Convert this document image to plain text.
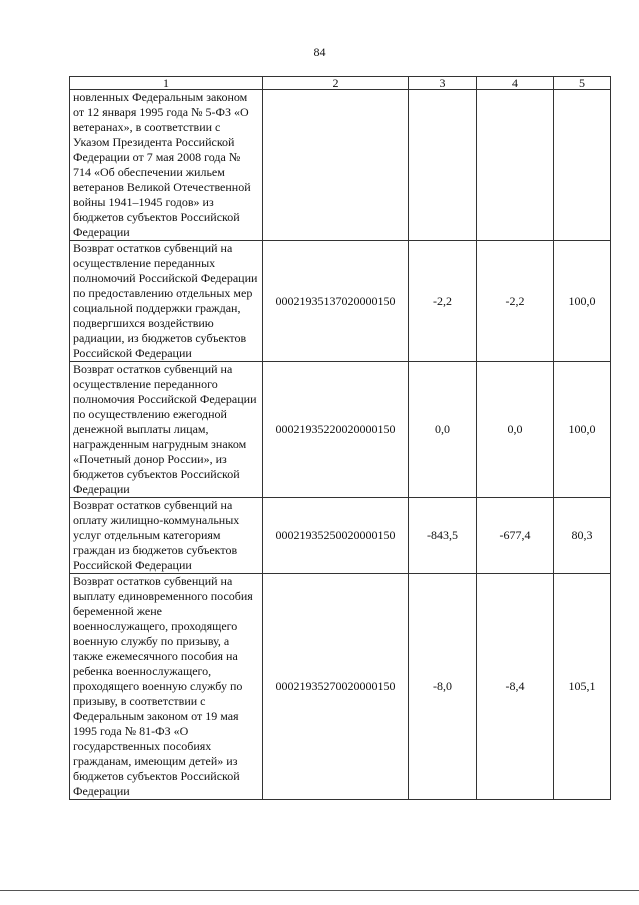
84
1	2	3	4	5
новленных Федеральным законом от 12 января 1995 года № 5-ФЗ «О ветеранах», в соответствии с Указом Президента Российской Федерации от 7 мая 2008 года № 714 «Об обеспечении жильем ветеранов Великой Отечественной войны 1941–1945 годов» из бюджетов субъектов Российской Федерации				
Возврат остатков субвенций на осуществление переданных полномочий Российской Федерации по предоставлению отдельных мер социальной поддержки граждан, подвергшихся воздействию радиации, из бюджетов субъектов Российской Федерации	00021935137020000150	-2,2	-2,2	100,0
Возврат остатков субвенций на осуществление переданного полномочия Российской Федерации по осуществлению ежегодной денежной выплаты лицам, награжденным нагрудным знаком «Почетный донор России», из бюджетов субъектов Российской Федерации	00021935220020000150	0,0	0,0	100,0
Возврат остатков субвенций на оплату жилищно-коммунальных услуг отдельным категориям граждан из бюджетов субъектов Российской Федерации	00021935250020000150	-843,5	-677,4	80,3
Возврат остатков субвенций на выплату единовременного пособия беременной жене военнослужащего, проходящего военную службу по призыву, а также ежемесячного пособия на ребенка военнослужащего, проходящего военную службу по призыву, в соответствии с Федеральным законом от 19 мая 1995 года № 81-ФЗ «О государственных пособиях гражданам, имеющим детей» из бюджетов субъектов Российской Федерации	00021935270020000150	-8,0	-8,4	105,1
